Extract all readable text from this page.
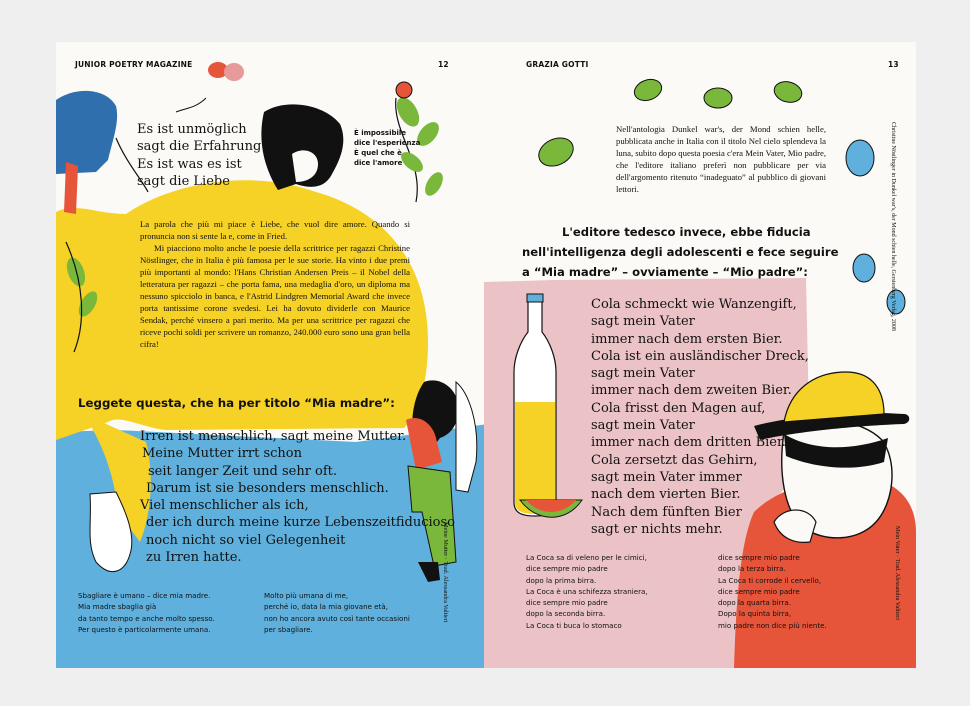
JUNIOR POETRY MAGAZINE	12
Es ist unmöglich
sagt die Erfahrung
Es ist was es ist
sagt die Liebe
È impossibile
dice l'esperienza
È quel che è
dice l'amore
La parola che più mi piace è Liebe, che vuol dire amore. Quando si pronuncia non si sente la e, come in Fried.
Mi piacciono molto anche le poesie della scrittrice per ragazzi Christine Nöstlinger, che in Italia è più famosa per le sue storie. Ha vinto i due premi più importanti al mondo: l'Hans Christian Andersen Preis – il Nobel della letteratura per ragazzi – che porta fama, una medaglia d'oro, un diploma ma nessuno spicciolo in banca, e l'Astrid Lindgren Memorial Award che invece porta tantissime corone svedesi. Lei ha dovuto dividerle con Maurice Sendak, perché vinsero a pari merito. Ma per una scrittrice per ragazzi che riceve pochi soldi per scrivere un romanzo, 240.000 euro sono una gran bella cifra!
Leggete questa, che ha per titolo “Mia madre”:
Irren ist menschlich, sagt meine Mutter.
Meine Mutter irrt schon
seit langer Zeit und sehr oft.
Darum ist sie besonders menschlich.
Viel menschlicher als ich,
der ich durch meine kurze Lebenszeitfiducioso
noch nicht so viel Gelegenheit
zu Irren hatte.
Sbagliare è umano – dice mia madre.
Mia madre sbaglia già
da tanto tempo e anche molto spesso.
Per questo è particolarmente umana.
Molto più umana di me,
perché io, data la mia giovane età,
non ho ancora avuto così tante occasioni
per sbagliare.
Meine Mutter · Trad. Alessandra Valtieri
GRAZIA GOTTI	13
Nell'antologia Dunkel war's, der Mond schien helle, pubblicata anche in Italia con il titolo Nel cielo splendeva la luna, subito dopo questa poesia c'era Mein Vater, Mio padre, che l'editore italiano preferì non pubblicare per via dell'argomento ritenuto “inadeguato” al pubblico di giovani lettori.
L'editore tedesco invece, ebbe fiducia
nell'intelligenza degli adolescenti e fece seguire
a “Mia madre” – ovviamente – “Mio padre”:
Cola schmeckt wie Wanzengift,
sagt mein Vater
immer nach dem ersten Bier.
Cola ist ein ausländischer Dreck,
sagt mein Vater
immer nach dem zweiten Bier.
Cola frisst den Magen auf,
sagt mein Vater
immer nach dem dritten Bier.
Cola zersetzt das Gehirn,
sagt mein Vater immer
nach dem vierten Bier.
Nach dem fünften Bier
sagt er nichts mehr.
La Coca sa di veleno per le cimici,
dice sempre mio padre
dopo la prima birra.
La Coca è una schifezza straniera,
dice sempre mio padre
dopo la seconda birra.
La Coca ti buca lo stomaco
dice sempre mio padre
dopo la terza birra.
La Coca ti corrode il cervello,
dice sempre mio padre
dopo la quarta birra.
Dopo la quinta birra,
mio padre non dice più niente.
Christine Nöstlinger in Dunkel war's, der Mond schien helle, Gerstenberg Verlag, 2008
Mein Vater · Trad. Alessandra Valtieri
